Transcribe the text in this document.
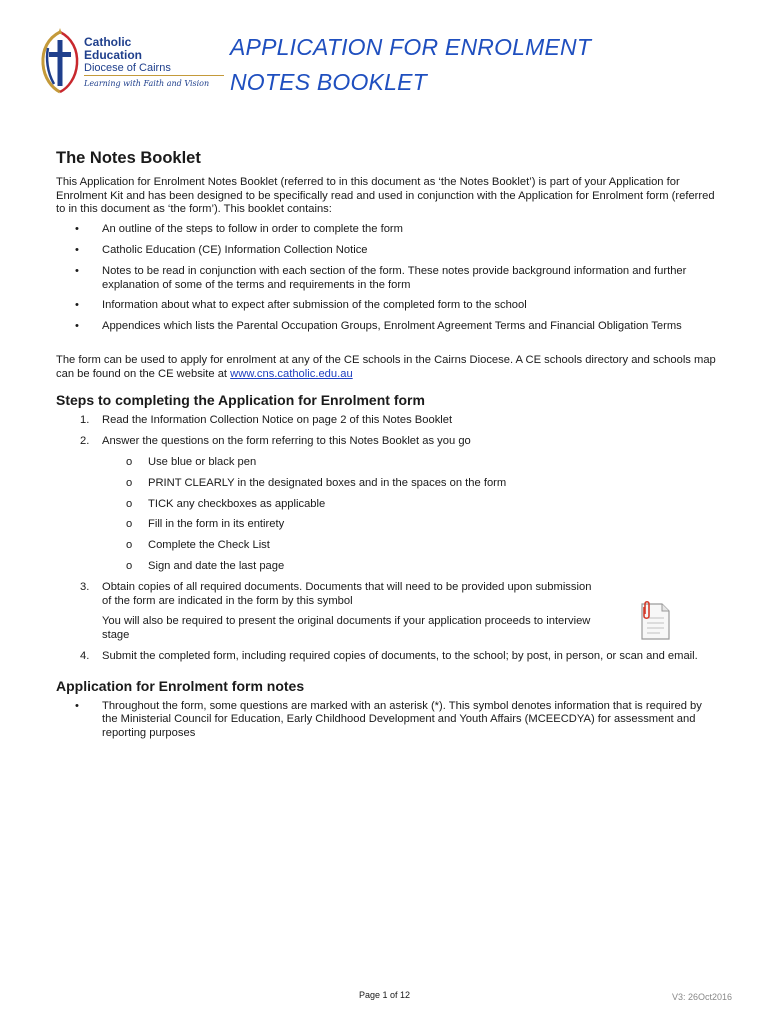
Catholic
Education
Diocese of Cairns
Learning with Faith and Vision
APPLICATION FOR ENROLMENT
NOTES BOOKLET
The Notes Booklet

This Application for Enrolment Notes Booklet (referred to in this document as ‘the Notes Booklet’) is part of your Application for Enrolment Kit and has been designed to be specifically read and used in conjunction with the Application for Enrolment form (referred to in this document as ‘the form’). This booklet contains:

• An outline of the steps to follow in order to complete the form
• Catholic Education (CE) Information Collection Notice
• Notes to be read in conjunction with each section of the form. These notes provide background information and further explanation of some of the terms and requirements in the form
• Information about what to expect after submission of the completed form to the school
• Appendices which lists the Parental Occupation Groups, Enrolment Agreement Terms and Financial Obligation Terms

The form can be used to apply for enrolment at any of the CE schools in the Cairns Diocese. A CE schools directory and schools map can be found on the CE website at www.cns.catholic.edu.au

Steps to completing the Application for Enrolment form
1. Read the Information Collection Notice on page 2 of this Notes Booklet
2. Answer the questions on the form referring to this Notes Booklet as you go
o Use blue or black pen
o PRINT CLEARLY in the designated boxes and in the spaces on the form
o TICK any checkboxes as applicable
o Fill in the form in its entirety
o Complete the Check List
o Sign and date the last page
3. Obtain copies of all required documents. Documents that will need to be provided upon submission of the form are indicated in the form by this symbol

You will also be required to present the original documents if your application proceeds to interview stage

4. Submit the completed form, including required copies of documents, to the school; by post, in person, or scan and email.
Application for Enrolment form notes
• Throughout the form, some questions are marked with an asterisk (*). This symbol denotes information that is required by the Ministerial Council for Education, Early Childhood Development and Youth Affairs (MCEECDYA) for assessment and reporting purposes
Page 1 of 12	V3: 26Oct2016
